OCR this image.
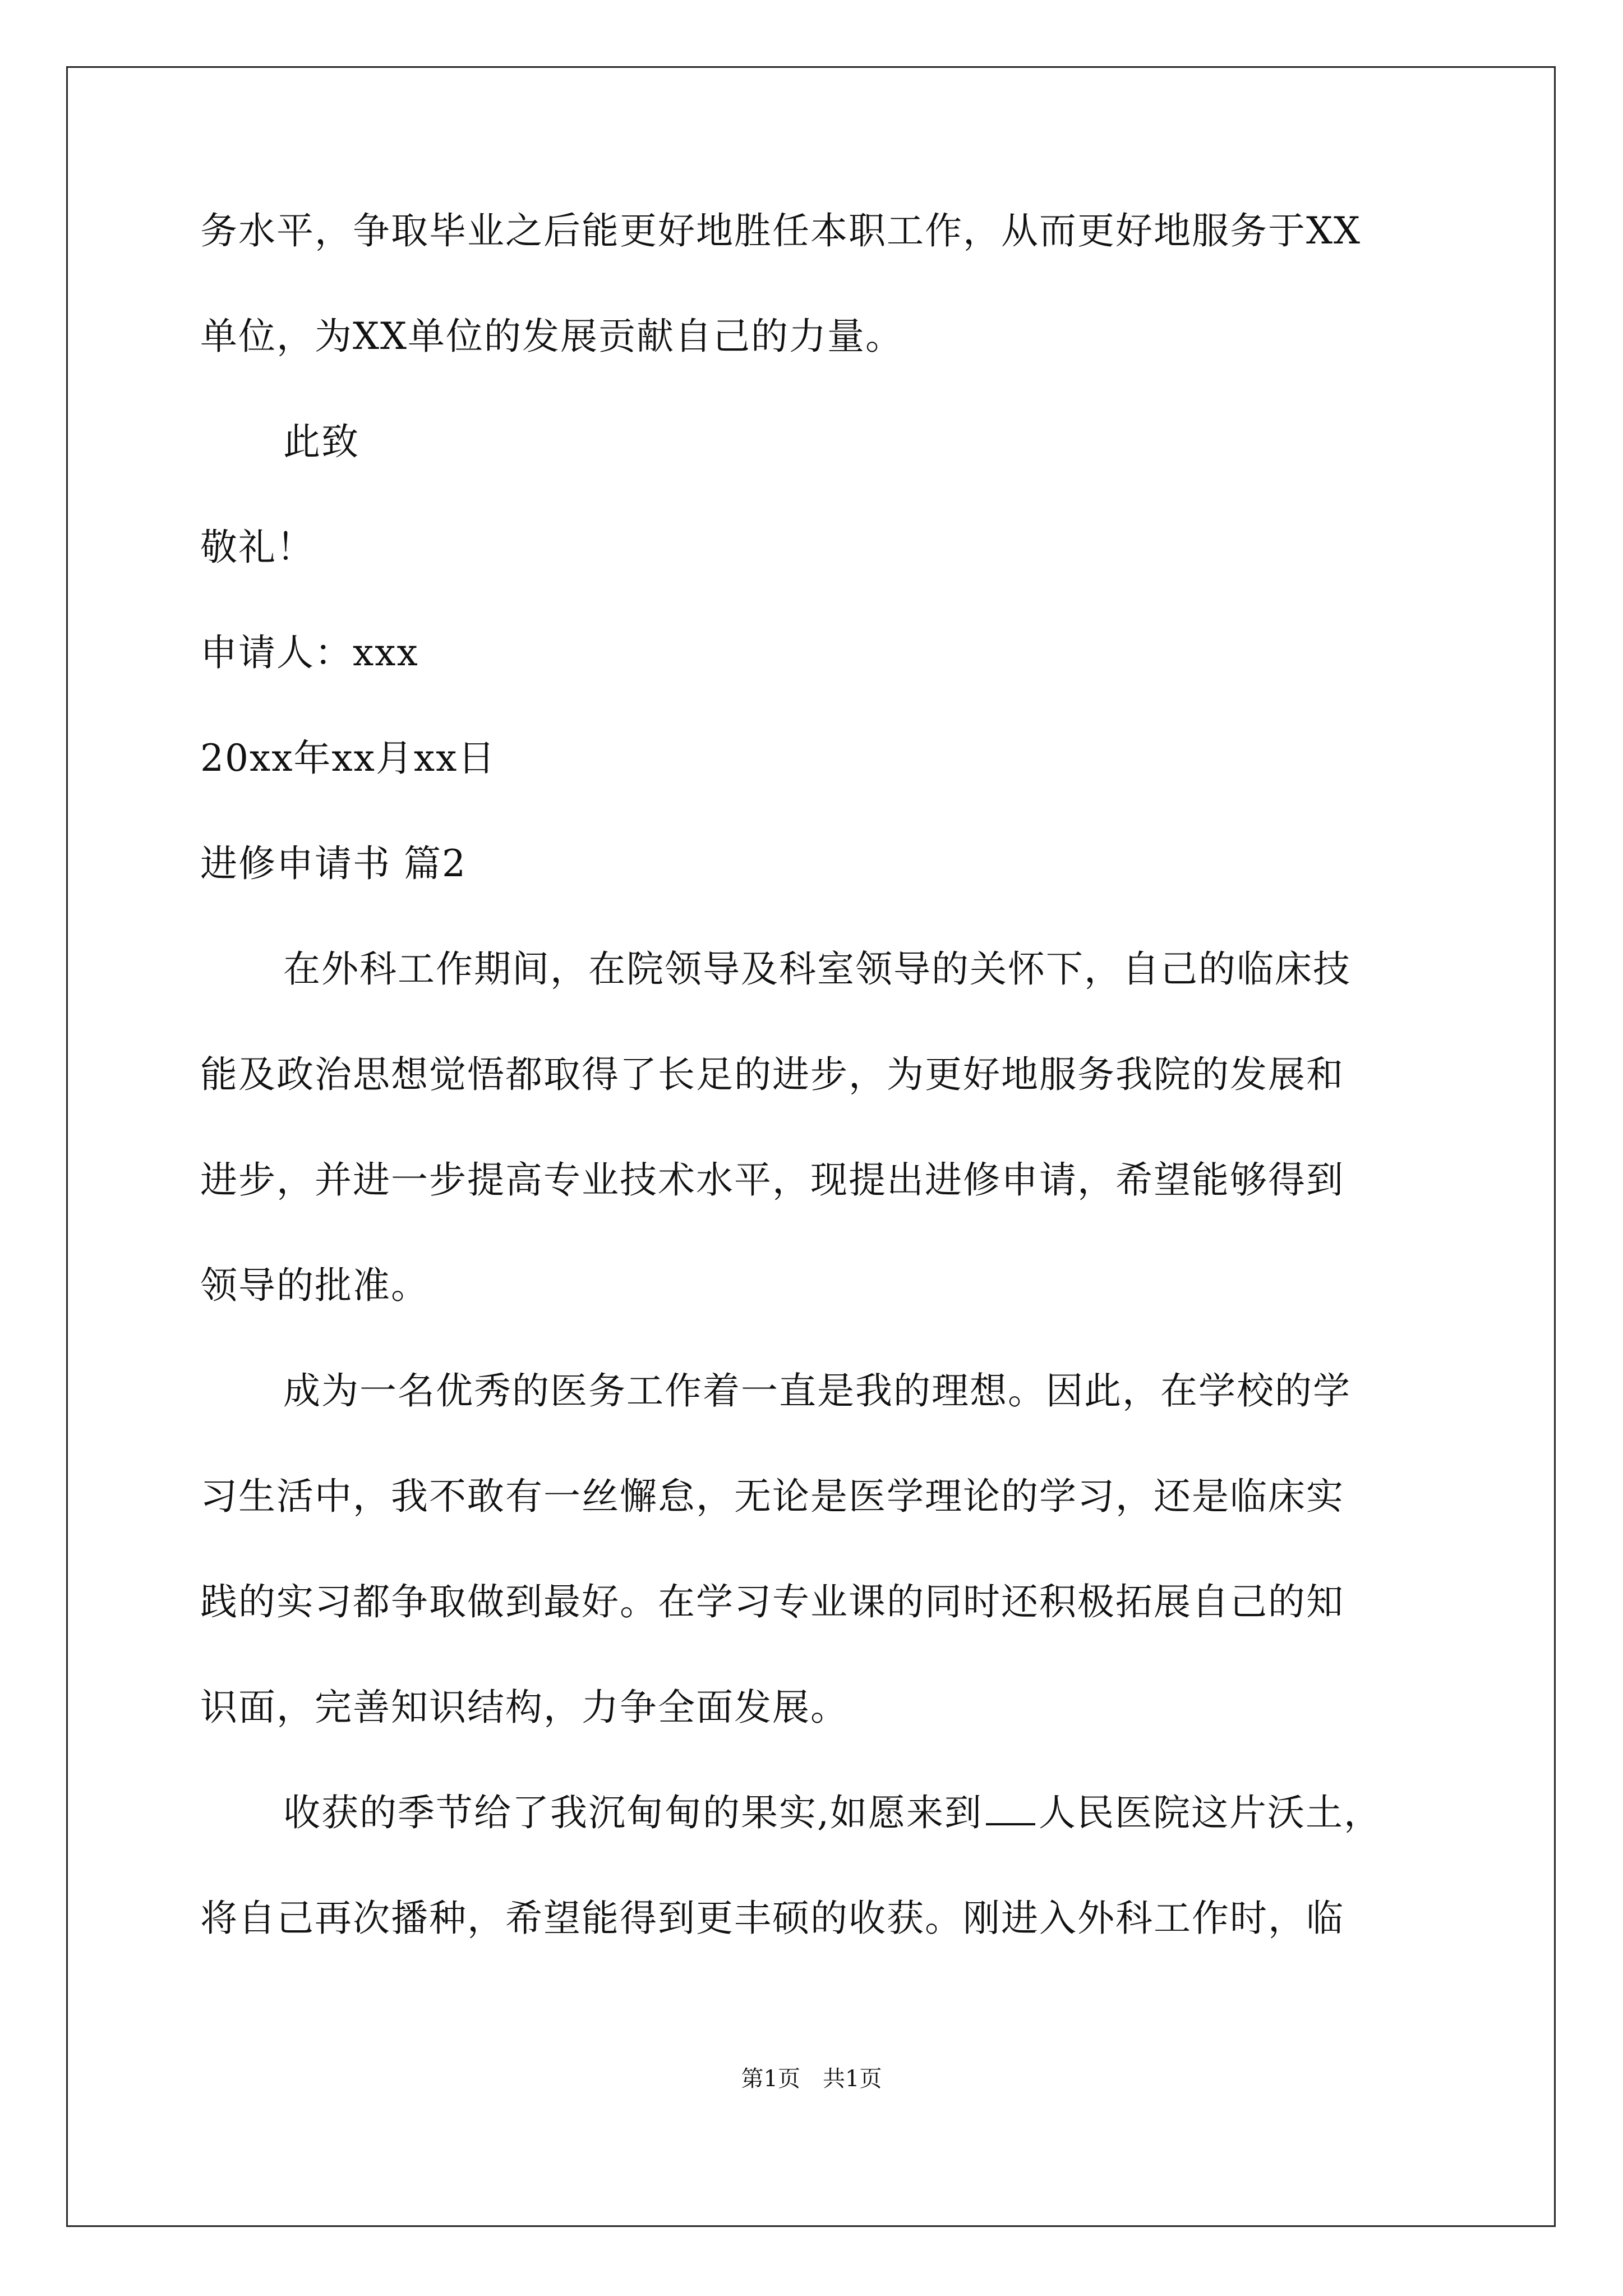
务水平，争取毕业之后能更好地胜任本职工作，从而更好地服务于XX
单位，为XX单位的发展贡献自己的力量。
此致
敬礼！
申请人：xxx
20xx年xx月xx日
进修申请书 篇2
在外科工作期间，在院领导及科室领导的关怀下，自己的临床技
能及政治思想觉悟都取得了长足的进步，为更好地服务我院的发展和
进步，并进一步提高专业技术水平，现提出进修申请，希望能够得到
领导的批准。
成为一名优秀的医务工作着一直是我的理想。因此，在学校的学
习生活中，我不敢有一丝懈怠，无论是医学理论的学习，还是临床实
践的实习都争取做到最好。在学习专业课的同时还积极拓展自己的知
识面，完善知识结构，力争全面发展。
收获的季节给了我沉甸甸的果实,如愿来到 人民医院这片沃土，
将自己再次播种，希望能得到更丰硕的收获。刚进入外科工作时，临
第1页　共1页
